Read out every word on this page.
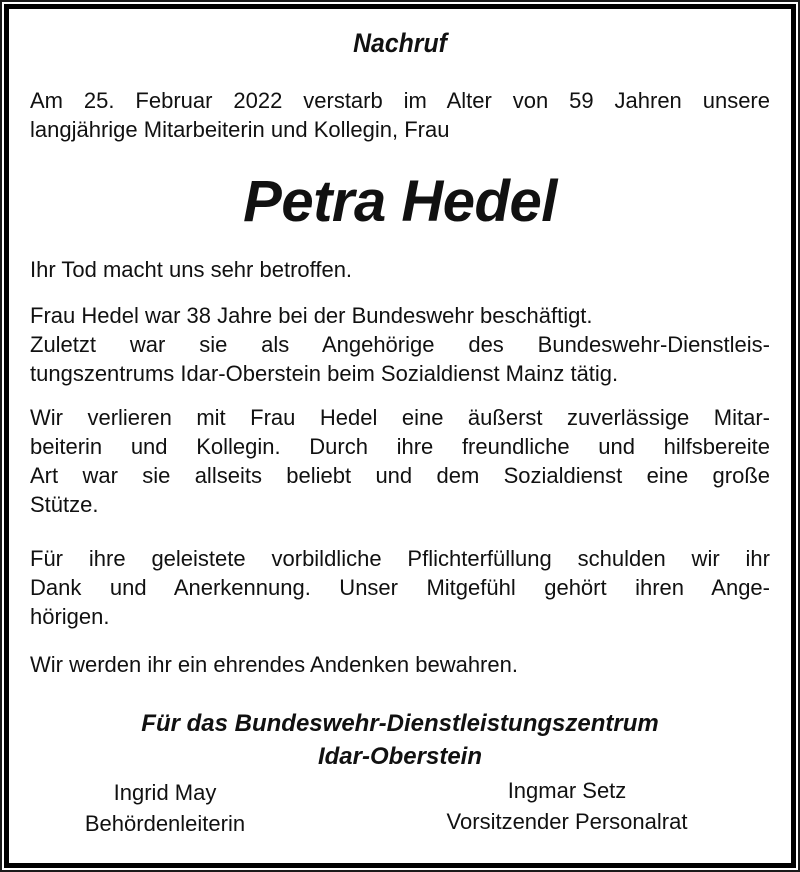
Nachruf
Am 25. Februar 2022 verstarb im Alter von 59 Jahren unsere
langjährige Mitarbeiterin und Kollegin, Frau
Petra Hedel
Ihr Tod macht uns sehr betroffen.
Frau Hedel war 38 Jahre bei der Bundeswehr beschäftigt.
Zuletzt war sie als Angehörige des Bundeswehr-Dienstleis-
tungszentrums Idar-Oberstein beim Sozialdienst Mainz tätig.
Wir verlieren mit Frau Hedel eine äußerst zuverlässige Mitar-
beiterin und Kollegin. Durch ihre freundliche und hilfsbereite
Art war sie allseits beliebt und dem Sozialdienst eine große
Stütze.
Für ihre geleistete vorbildliche Pflichterfüllung schulden wir ihr
Dank und Anerkennung. Unser Mitgefühl gehört ihren Ange-
hörigen.
Wir werden ihr ein ehrendes Andenken bewahren.
Für das Bundeswehr-Dienstleistungszentrum
Idar-Oberstein
Ingrid May
Behördenleiterin
Ingmar Setz
Vorsitzender Personalrat
